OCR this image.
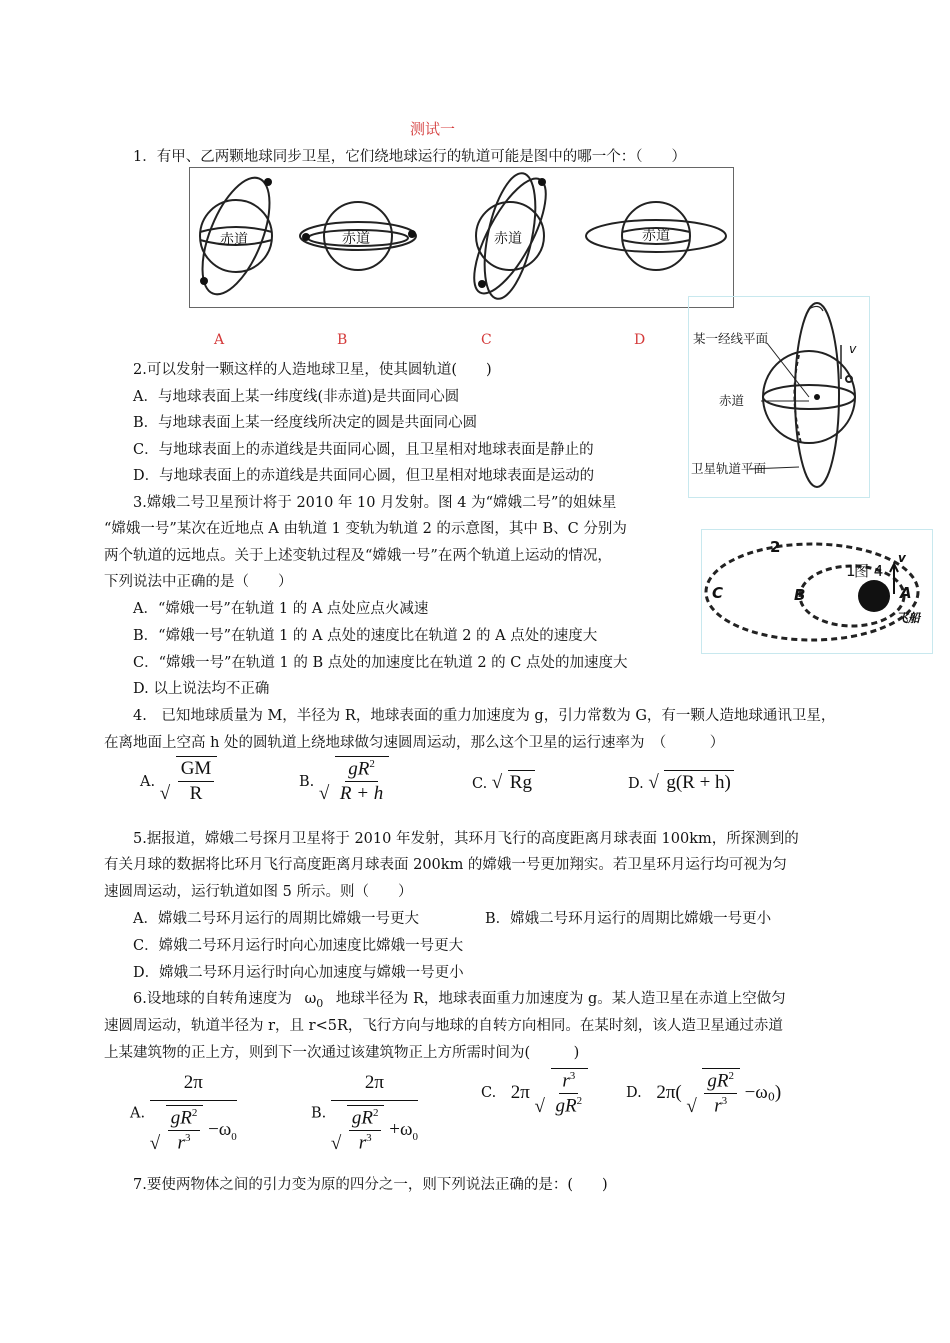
测试一
1．有甲、乙两颗地球同步卫星，它们绕地球运行的轨道可能是图中的哪一个：（　　）
赤道	赤道	赤道	赤道
A	B	C	D	某一经线平面
赤道
卫星轨道平面
v
2.可以发射一颗这样的人造地球卫星，使其圆轨道(　　)
A．与地球表面上某一纬度线(非赤道)是共面同心圆
B．与地球表面上某一经度线所决定的圆是共面同心圆
C．与地球表面上的赤道线是共面同心圆，且卫星相对地球表面是静止的
D．与地球表面上的赤道线是共面同心圆，但卫星相对地球表面是运动的
3.嫦娥二号卫星预计将于 2010 年 10 月发射。图 4 为“嫦娥二号”的姐妹星
“嫦娥一号”某次在近地点 A 由轨道 1 变轨为轨道 2 的示意图，其中 B、C 分别为
两个轨道的远地点。关于上述变轨过程及“嫦娥一号”在两个轨道上运动的情况，
下列说法中正确的是（　　）
2
1
图 4
C	B	A
v
飞船
A．“嫦娥一号”在轨道 1 的 A 点处应点火减速
B．“嫦娥一号”在轨道 1 的 A 点处的速度比在轨道 2 的 A 点处的速度大
C．“嫦娥一号”在轨道 1 的 B 点处的加速度比在轨道 2 的 C 点处的加速度大
D. 以上说法均不正确
4.　已知地球质量为 M，半径为 R，地球表面的重力加速度为 g，引力常数为 G，有一颗人造地球通讯卫星，
在离地面上空高 h 处的圆轨道上绕地球做匀速圆周运动，那么这个卫星的运行速率为　（　　　）
A.
√ $\frac{GM}{R}$	B.
√ $\frac{gR^2}{R + h}$	C. √ Rg	D. √ g(R + h)
5.据报道，嫦娥二号探月卫星将于 2010 年发射，其环月飞行的高度距离月球表面 100km，所探测到的
有关月球的数据将比环月飞行高度距离月球表面 200km 的嫦娥一号更加翔实。若卫星环月运行均可视为匀
速圆周运动，运行轨道如图 5 所示。则（　　）
A．嫦娥二号环月运行的周期比嫦娥一号更大	B．嫦娥二号环月运行的周期比嫦娥一号更小
C．嫦娥二号环月运行时向心加速度比嫦娥一号更大
D．嫦娥二号环月运行时向心加速度与嫦娥一号更小
6.设地球的自转角速度为 $\omega_0$ 地球半径为 R，地球表面重力加速度为 g。某人造卫星在赤道上空做匀
速圆周运动，轨道半径为 r，且 r<5R，飞行方向与地球的自转方向相同。在某时刻，该人造卫星通过赤道
上某建筑物的正上方，则到下一次通过该建筑物正上方所需时间为(　　　)
A. $\frac{2\pi}{√ \frac{gR^2}{r^3} -\omega_0}$	B. $\frac{2\pi}{√ \frac{gR^2}{r^3} +\omega_0}$	C. 2π
√ $\frac{r^3}{gR^2}$	D. 2π(
√ $\frac{gR^2}{r^3} -\omega_0$)
7.要使两物体之间的引力变为原的四分之一，则下列说法正确的是：(　　)
